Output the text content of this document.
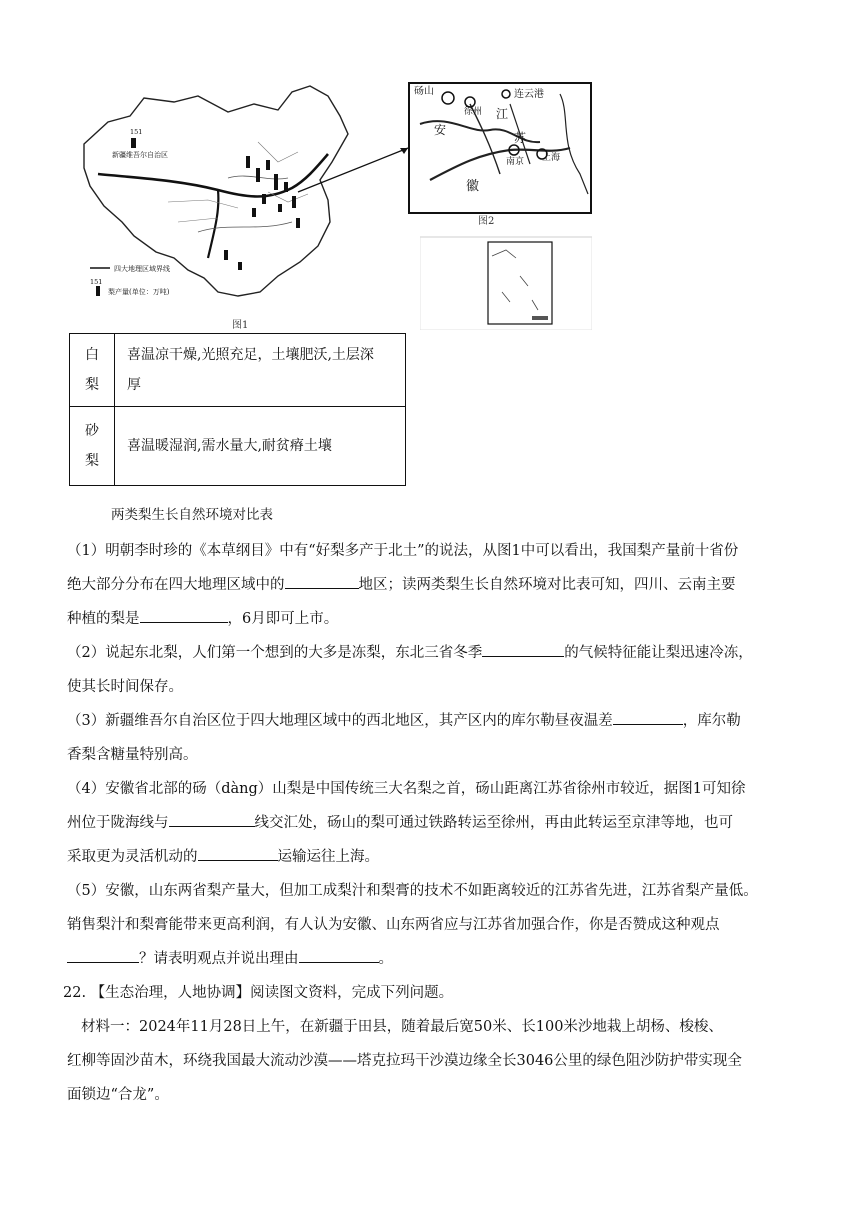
151
新疆维吾尔自治区
四大地理区域界线
151
梨产量(单位：万吨)
图1
砀山	连云港
徐州
安
江
苏
徽
南京 上海
图2
白
梨	喜温凉干燥,光照充足，土壤肥沃,土层深
厚
砂
梨	喜温暖湿润,需水量大,耐贫瘠土壤
两类梨生长自然环境对比表

（1）明朝李时珍的《本草纲目》中有“好梨多产于北土”的说法，从图1中可以看出，我国梨产量前十省份

绝大部分分布在四大地理区域中的	地区；读两类梨生长自然环境对比表可知，四川、云南主要

种植的梨是	，6月即可上市。

（2）说起东北梨，人们第一个想到的大多是冻梨，东北三省冬季	的气候特征能让梨迅速冷冻，

使其长时间保存。

（3）新疆维吾尔自治区位于四大地理区域中的西北地区，其产区内的库尔勒昼夜温差	，库尔勒

香梨含糖量特别高。

（4）安徽省北部的砀（dàng）山梨是中国传统三大名梨之首，砀山距离江苏省徐州市较近，据图1可知徐

州位于陇海线与	线交汇处，砀山的梨可通过铁路转运至徐州，再由此转运至京津等地，也可

采取更为灵活机动的	运输运往上海。

（5）安徽，山东两省梨产量大，但加工成梨汁和梨膏的技术不如距离较近的江苏省先进，江苏省梨产量低。

销售梨汁和梨膏能带来更高利润，有人认为安徽、山东两省应与江苏省加强合作，你是否赞成这种观点

？请表明观点并说出理由	。

22. 【生态治理，人地协调】阅读图文资料，完成下列问题。

材料一：2024年11月28日上午，在新疆于田县，随着最后宽50米、长100米沙地栽上胡杨、梭梭、

红柳等固沙苗木，环绕我国最大流动沙漠——塔克拉玛干沙漠边缘全长3046公里的绿色阻沙防护带实现全

面锁边“合龙”。
